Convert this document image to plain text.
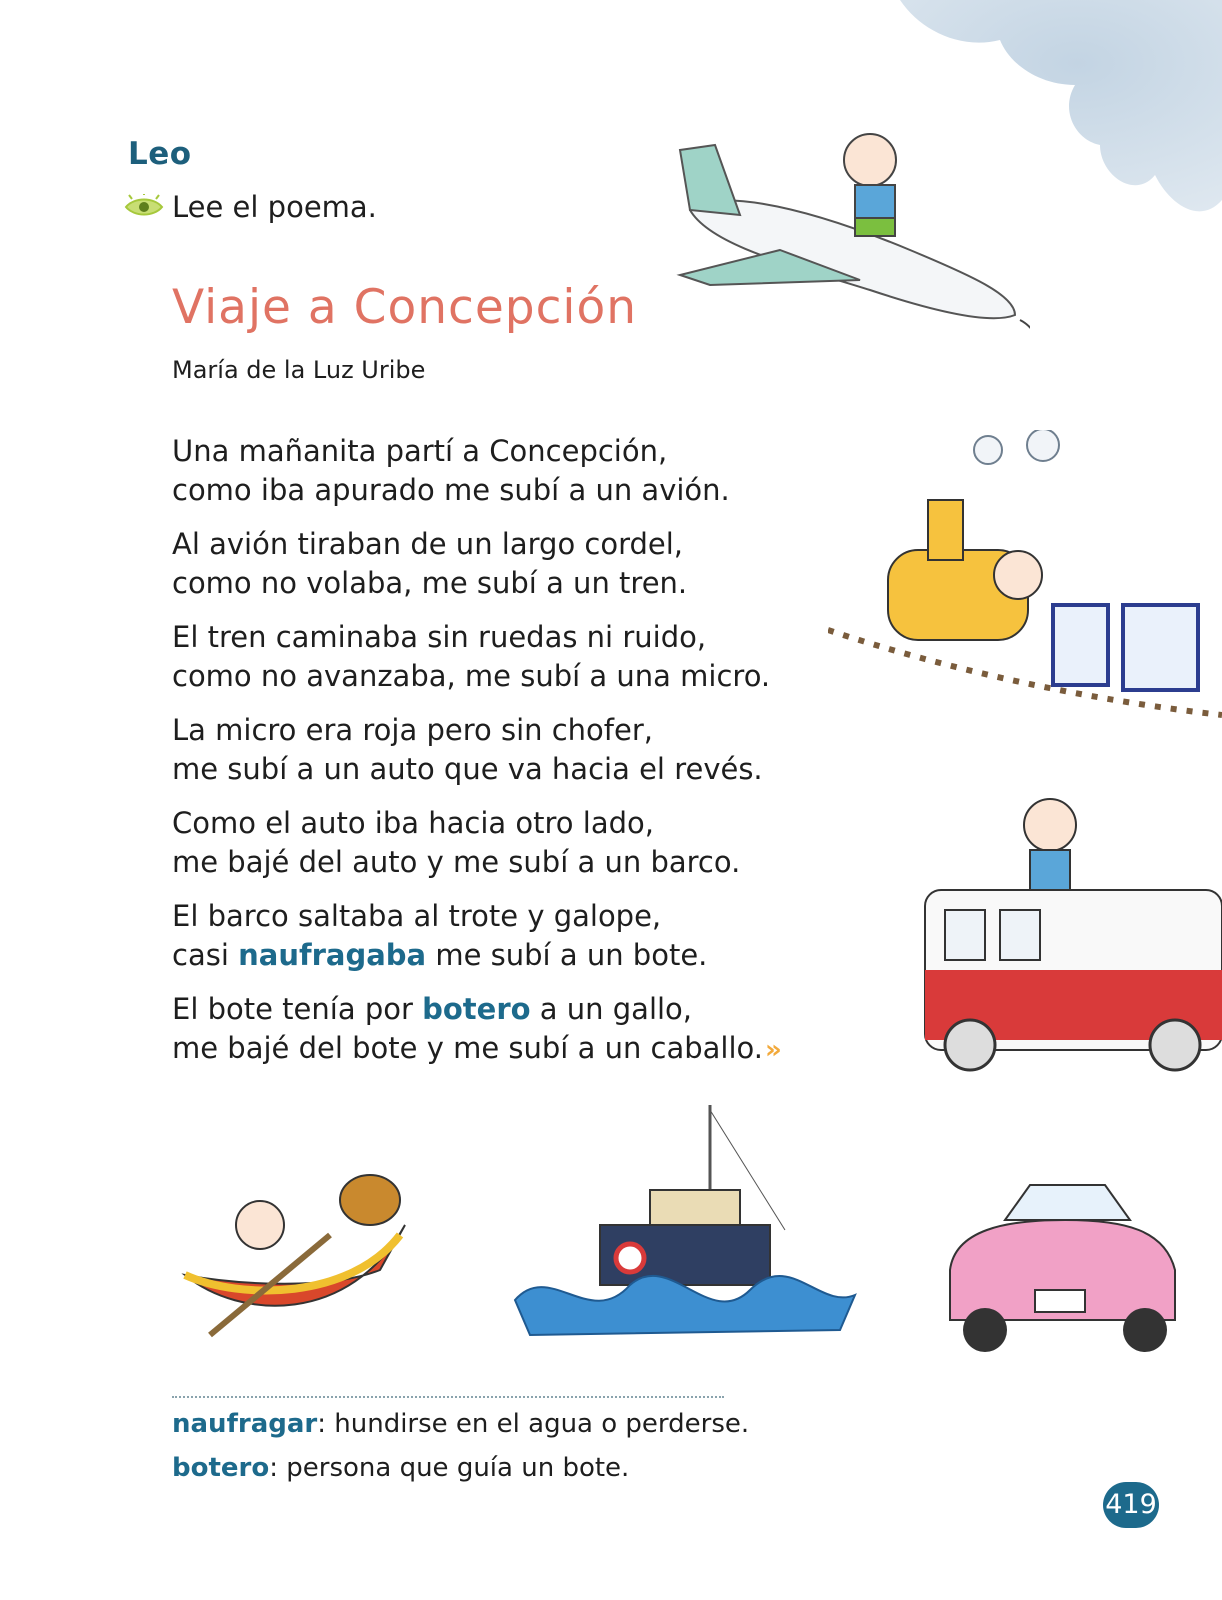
Leo
Lee el poema.
Viaje a Concepción
María de la Luz Uribe
Una mañanita partí a Concepción,
como iba apurado me subí a un avión.
Al avión tiraban de un largo cordel,
como no volaba, me subí a un tren.
El tren caminaba sin ruedas ni ruido,
como no avanzaba, me subí a una micro.
La micro era roja pero sin chofer,
me subí a un auto que va hacia el revés.
Como el auto iba hacia otro lado,
me bajé del auto y me subí a un barco.
El barco saltaba al trote y galope,
casi naufragaba me subí a un bote.
El bote tenía por botero a un gallo,
me bajé del bote y me subí a un caballo.»
naufragar: hundirse en el agua o perderse.
botero: persona que guía un bote.
419
